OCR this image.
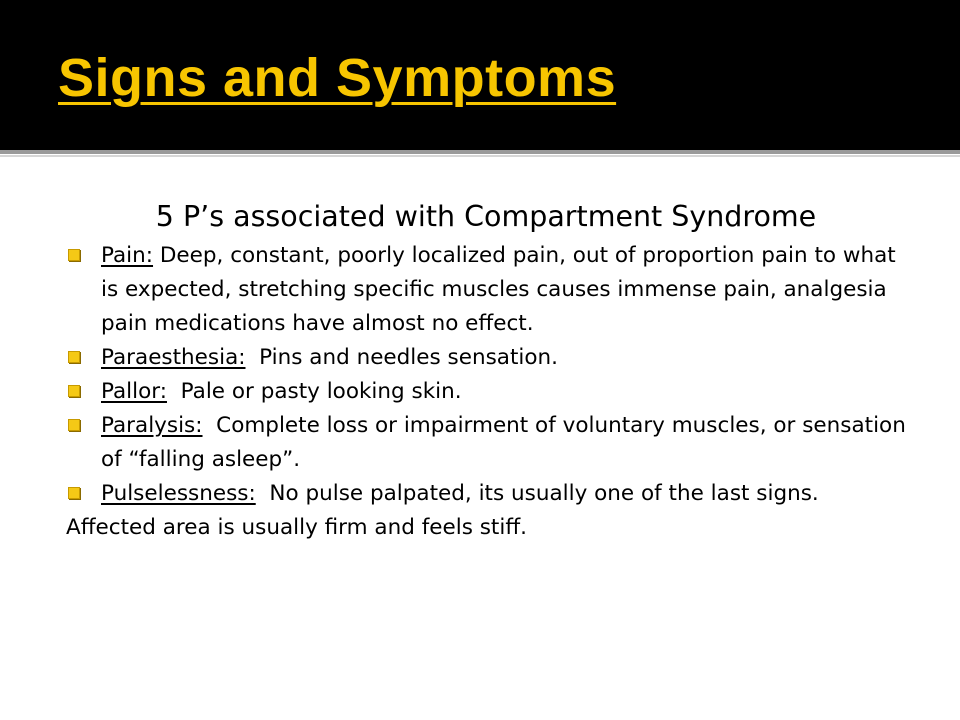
Signs and Symptoms
5 P’s associated with Compartment Syndrome
Pain: Deep, constant, poorly localized pain, out of proportion pain to what is expected, stretching specific muscles causes immense pain, analgesia pain medications have almost no effect.
Paraesthesia:  Pins and needles sensation.
Pallor:  Pale or pasty looking skin.
Paralysis:  Complete loss or impairment of voluntary muscles, or sensation of “falling asleep”.
Pulselessness:  No pulse palpated, its usually one of the last signs.
Affected area is usually firm and feels stiff.
